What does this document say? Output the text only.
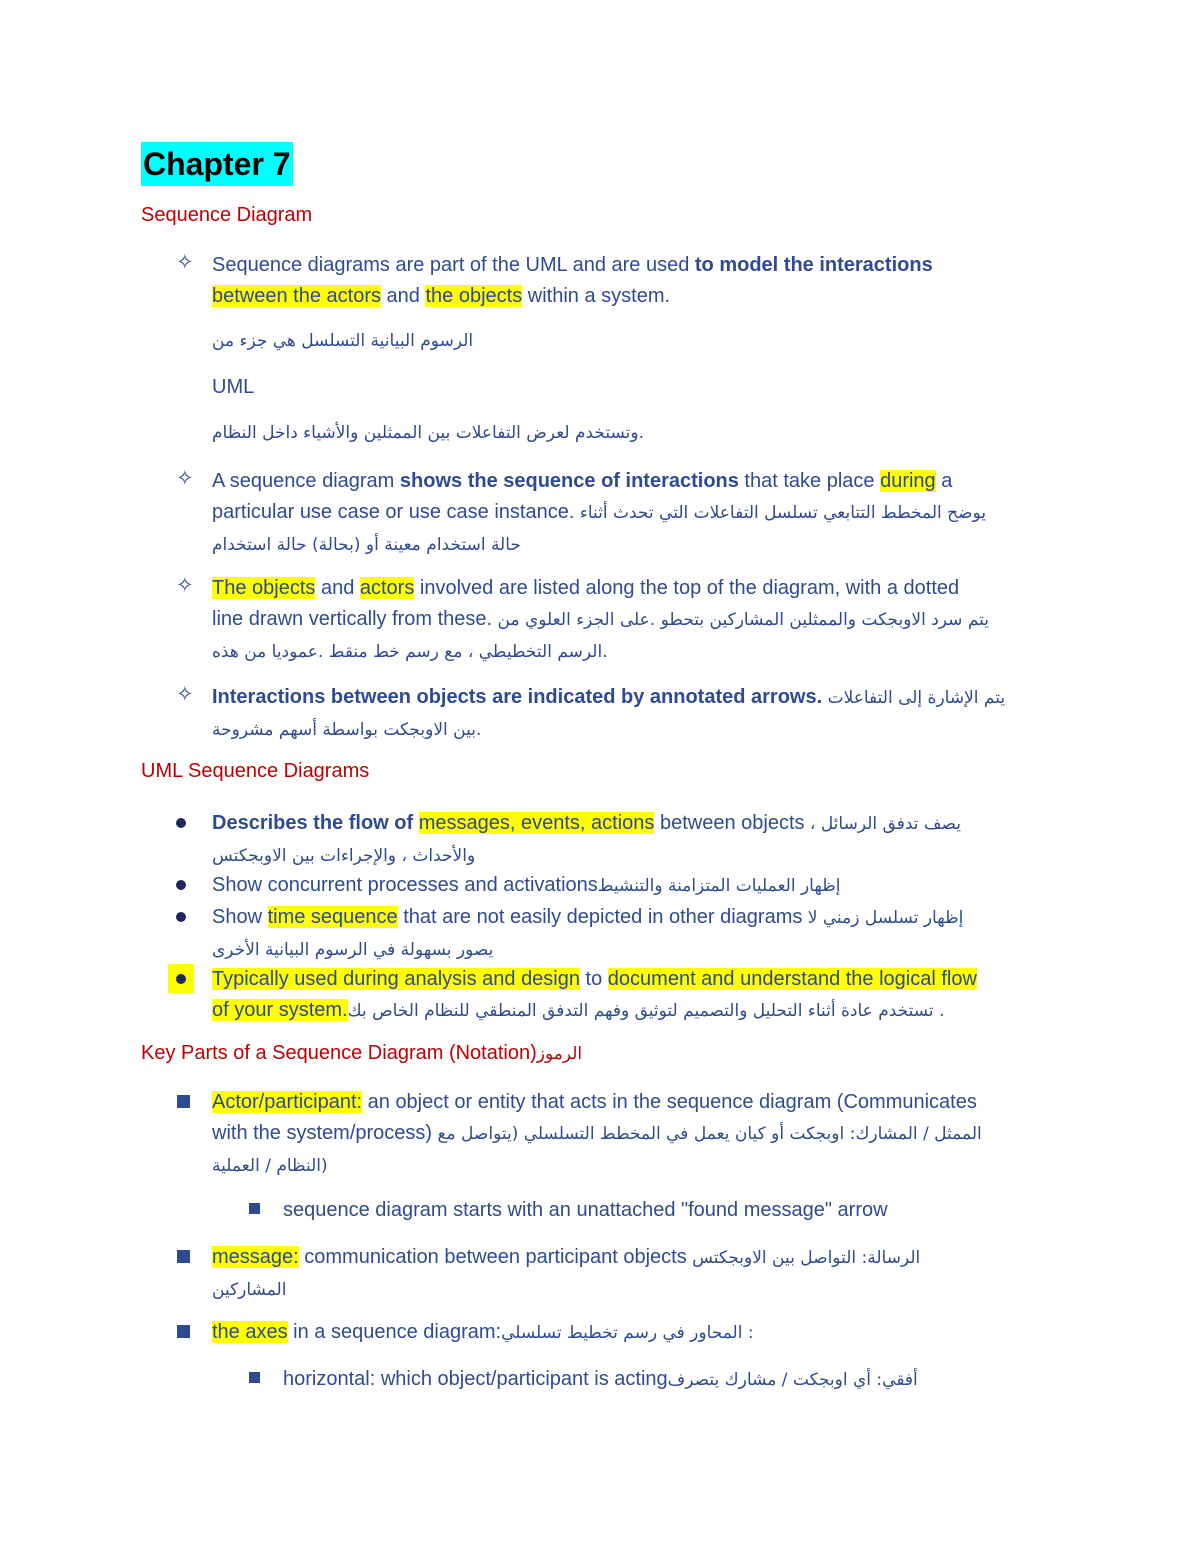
Chapter 7
Sequence Diagram
✧ Sequence diagrams are part of the UML and are used to model the interactions
between the actors and the objects within a system.
الرسوم البيانية التسلسل هي جزء من
UML
وتستخدم لعرض التفاعلات بين الممثلين والأشياء داخل النظام.
✧ A sequence diagram shows the sequence of interactions that take place during a
particular use case or use case instance. يوضح المخطط التتابعي تسلسل التفاعلات التي تحدث أثناء
حالة استخدام معينة أو (بحالة) حالة استخدام
✧ The objects and actors involved are listed along the top of the diagram, with a dotted
line drawn vertically from these. يتم سرد الاوبجكت والممثلين المشاركين بتحطو .على الجزء العلوي من
الرسم التخطيطي ، مع رسم خط منقط .عموديا من هذه.
✧ Interactions between objects are indicated by annotated arrows. يتم الإشارة إلى التفاعلات
بين الاوبجكت بواسطة أسهم مشروحة.
UML Sequence Diagrams
Describes the flow of messages, events, actions between objects ، يصف تدفق الرسائل
والأحداث ، والإجراءات بين الاوبجكتس
Show concurrent processes and activationsإظهار العمليات المتزامنة والتنشيط
Show time sequence that are not easily depicted in other diagrams إظهار تسلسل زمني لا
يصور بسهولة في الرسوم البيانية الأخرى
Typically used during analysis and design to document and understand the logical flow
of your system.تستخدم عادة أثناء التحليل والتصميم لتوثيق وفهم التدفق المنطقي للنظام الخاص بك .
Key Parts of a Sequence Diagram (Notation)الرموز
Actor/participant: an object or entity that acts in the sequence diagram (Communicates
with the system/process) الممثل / المشارك: اوبجكت أو كيان يعمل في المخطط التسلسلي (يتواصل مع
النظام / العملية)
sequence diagram starts with an unattached "found message" arrow
message: communication between participant objects الرسالة: التواصل بين الاوبجكتس
المشاركين
the axes in a sequence diagram:المحاور في رسم تخطيط تسلسلي :
horizontal: which object/participant is actingأفقي: أي اوبجكت / مشارك يتصرف
